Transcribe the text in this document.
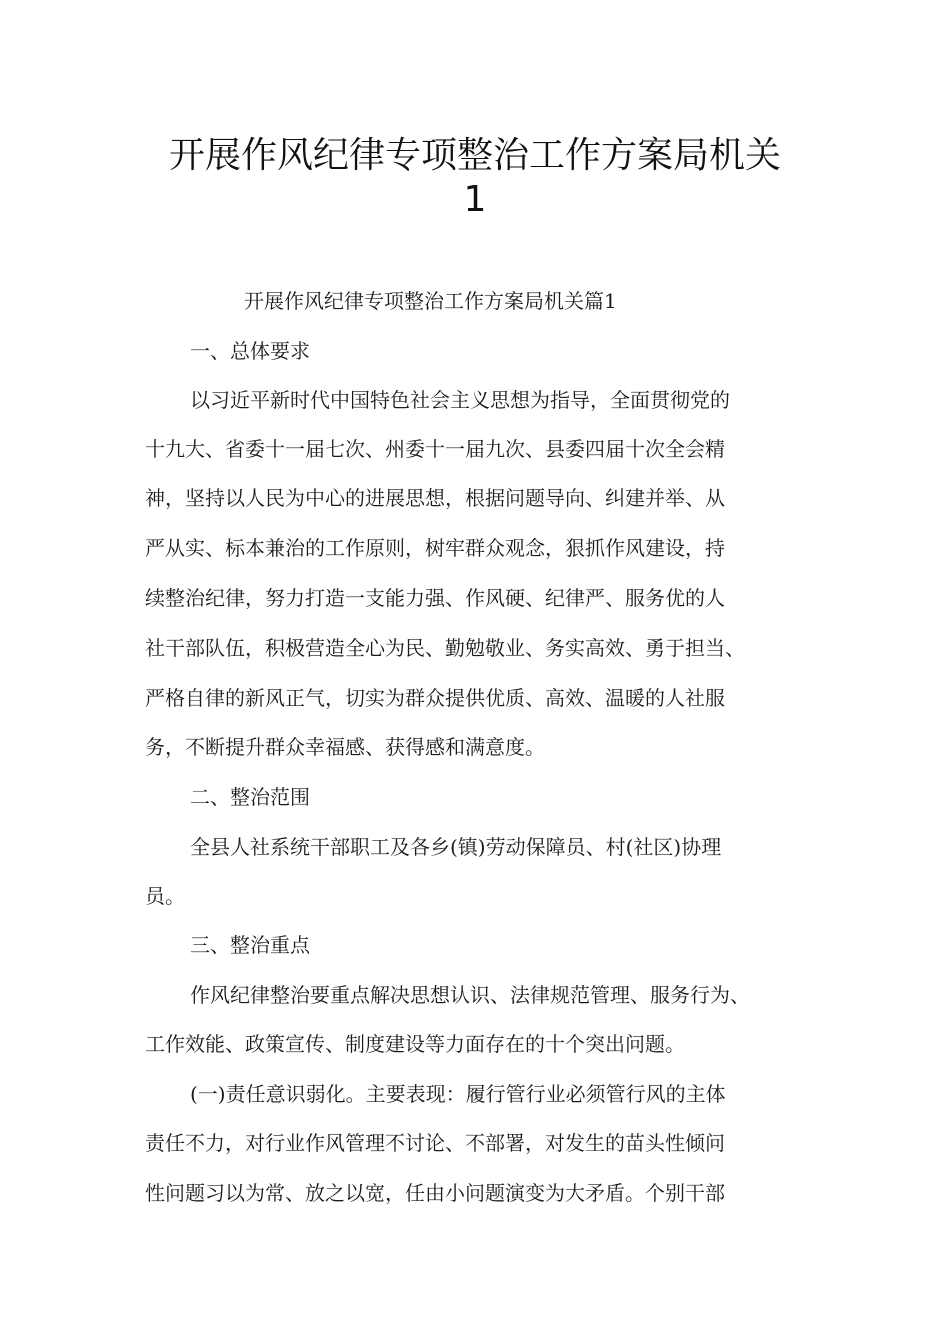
开展作风纪律专项整治工作方案局机关
1
开展作风纪律专项整治工作方案局机关篇1
一、总体要求
以习近平新时代中国特色社会主义思想为指导，全面贯彻党的
十九大、省委十一届七次、州委十一届九次、县委四届十次全会精
神，坚持以人民为中心的进展思想，根据问题导向、纠建并举、从
严从实、标本兼治的工作原则，树牢群众观念，狠抓作风建设，持
续整治纪律，努力打造一支能力强、作风硬、纪律严、服务优的人
社干部队伍，积极营造全心为民、勤勉敬业、务实高效、勇于担当、
严格自律的新风正气，切实为群众提供优质、高效、温暖的人社服
务，不断提升群众幸福感、获得感和满意度。
二、整治范围
全县人社系统干部职工及各乡(镇)劳动保障员、村(社区)协理
员。
三、整治重点
作风纪律整治要重点解决思想认识、法律规范管理、服务行为、
工作效能、政策宣传、制度建设等力面存在的十个突出问题。
(一)责任意识弱化。主要表现：履行管行业必须管行风的主体
责任不力，对行业作风管理不讨论、不部署，对发生的苗头性倾问
性问题习以为常、放之以宽，任由小问题演变为大矛盾。个别干部
